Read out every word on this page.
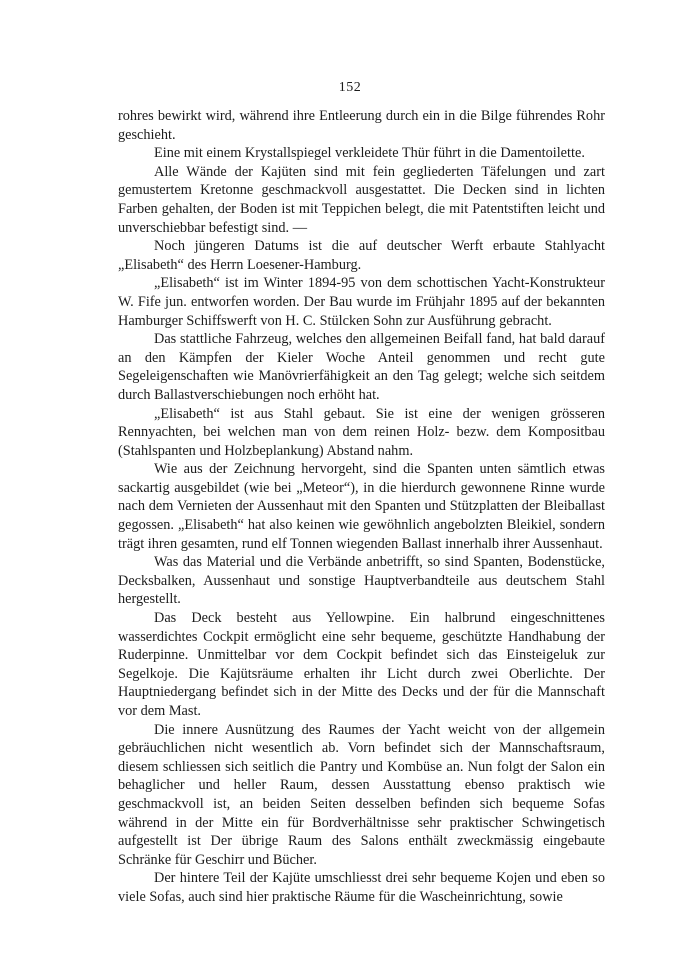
152

rohres bewirkt wird, während ihre Entleerung durch ein in die Bilge führendes Rohr geschieht.

Eine mit einem Krystallspiegel verkleidete Thür führt in die Damentoilette.

Alle Wände der Kajüten sind mit fein gegliederten Täfelungen und zart gemustertem Kretonne geschmackvoll ausgestattet. Die Decken sind in lichten Farben gehalten, der Boden ist mit Teppichen belegt, die mit Patentstiften leicht und unverschiebbar befestigt sind. —

Noch jüngeren Datums ist die auf deutscher Werft erbaute Stahlyacht „Elisabeth“ des Herrn Loesener-Hamburg.

„Elisabeth“ ist im Winter 1894-95 von dem schottischen Yacht-Konstrukteur W. Fife jun. entworfen worden. Der Bau wurde im Frühjahr 1895 auf der bekannten Hamburger Schiffswerft von H. C. Stülcken Sohn zur Ausführung gebracht.

Das stattliche Fahrzeug, welches den allgemeinen Beifall fand, hat bald darauf an den Kämpfen der Kieler Woche Anteil genommen und recht gute Segeleigenschaften wie Manövrierfähigkeit an den Tag gelegt; welche sich seitdem durch Ballastverschiebungen noch erhöht hat.

„Elisabeth“ ist aus Stahl gebaut. Sie ist eine der wenigen grösseren Rennyachten, bei welchen man von dem reinen Holz- bezw. dem Kompositbau (Stahlspanten und Holzbeplankung) Abstand nahm.

Wie aus der Zeichnung hervorgeht, sind die Spanten unten sämtlich etwas sackartig ausgebildet (wie bei „Meteor“), in die hierdurch gewonnene Rinne wurde nach dem Vernieten der Aussenhaut mit den Spanten und Stützplatten der Bleiballast gegossen. „Elisabeth“ hat also keinen wie gewöhnlich angebolzten Bleikiel, sondern trägt ihren gesamten, rund elf Tonnen wiegenden Ballast innerhalb ihrer Aussenhaut.

Was das Material und die Verbände anbetrifft, so sind Spanten, Bodenstücke, Decksbalken, Aussenhaut und sonstige Hauptverbandteile aus deutschem Stahl hergestellt.

Das Deck besteht aus Yellowpine. Ein halbrund eingeschnittenes wasserdichtes Cockpit ermöglicht eine sehr bequeme, geschützte Handhabung der Ruderpinne. Unmittelbar vor dem Cockpit befindet sich das Einsteigeluk zur Segelkoje. Die Kajütsräume erhalten ihr Licht durch zwei Oberlichte. Der Hauptniedergang befindet sich in der Mitte des Decks und der für die Mannschaft vor dem Mast.

Die innere Ausnützung des Raumes der Yacht weicht von der allgemein gebräuchlichen nicht wesentlich ab. Vorn befindet sich der Mannschaftsraum, diesem schliessen sich seitlich die Pantry und Kombüse an. Nun folgt der Salon ein behaglicher und heller Raum, dessen Ausstattung ebenso praktisch wie geschmackvoll ist, an beiden Seiten desselben befinden sich bequeme Sofas während in der Mitte ein für Bordverhältnisse sehr praktischer Schwingetisch aufgestellt ist Der übrige Raum des Salons enthält zweckmässig eingebaute Schränke für Geschirr und Bücher.

Der hintere Teil der Kajüte umschliesst drei sehr bequeme Kojen und eben so viele Sofas, auch sind hier praktische Räume für die Wascheinrichtung, sowie
